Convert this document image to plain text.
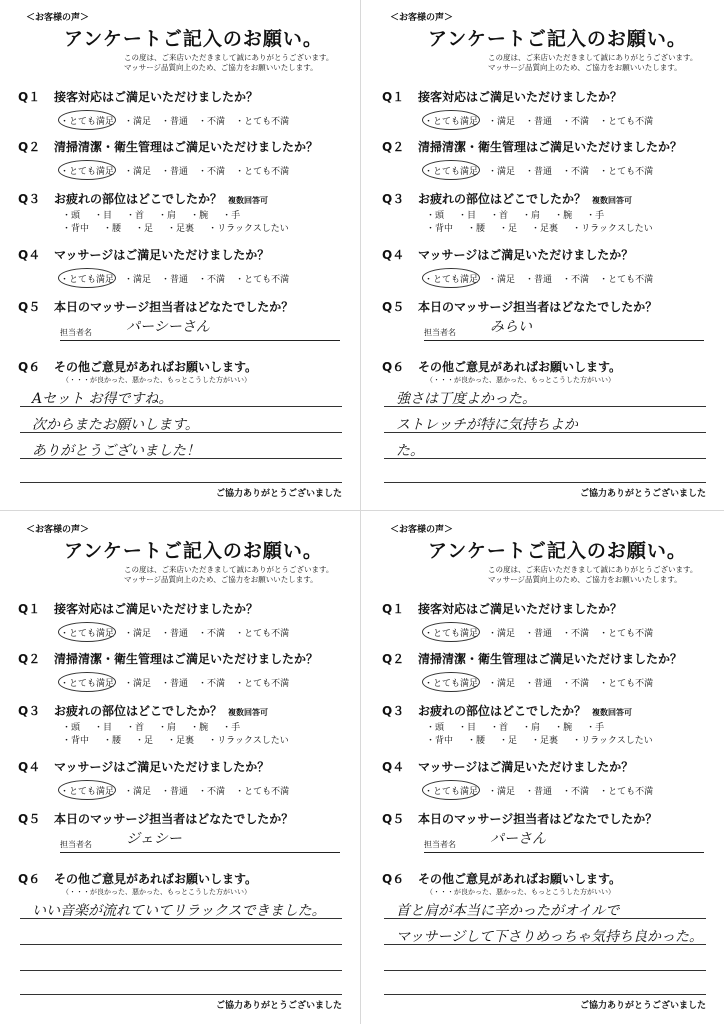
＜お客様の声＞
アンケートご記入のお願い。
この度は、ご来店いただきまして誠にありがとうございます。
マッサージ品質向上のため、ご協力をお願いいたします。
Q１ 接客対応はご満足いただけましたか？
・とても満足 ・満足 ・普通 ・不満 ・とても不満
Q２ 清掃清潔・衛生管理はご満足いただけましたか？
・とても満足 ・満足 ・普通 ・不満 ・とても不満
Q３ お疲れの部位はどこでしたか？ 複数回答可
・頭 ・目 ・首 ・肩 ・腕 ・手
・背中 ・腰 ・足 ・足裏 ・リラックスしたい
Q４ マッサージはご満足いただけましたか？
・とても満足 ・満足 ・普通 ・不満 ・とても不満
Q５ 本日のマッサージ担当者はどなたでしたか？
担当者名 パーシーさん
Q６ その他ご意見があればお願いします。
（・・・が良かった、悪かった、もっとこうした方がいい）
Aセット お得ですね。
次からまたお願いします。
ありがとうございました！
ご協力ありがとうございました
＜お客様の声＞
アンケートご記入のお願い。
この度は、ご来店いただきまして誠にありがとうございます。
マッサージ品質向上のため、ご協力をお願いいたします。
Q１ 接客対応はご満足いただけましたか？
・とても満足 ・満足 ・普通 ・不満 ・とても不満
Q２ 清掃清潔・衛生管理はご満足いただけましたか？
・とても満足 ・満足 ・普通 ・不満 ・とても不満
Q３ お疲れの部位はどこでしたか？ 複数回答可
・頭 ・目 ・首 ・肩 ・腕 ・手
・背中 ・腰 ・足 ・足裏 ・リラックスしたい
Q４ マッサージはご満足いただけましたか？
・とても満足 ・満足 ・普通 ・不満 ・とても不満
Q５ 本日のマッサージ担当者はどなたでしたか？
担当者名 みらい
Q６ その他ご意見があればお願いします。
（・・・が良かった、悪かった、もっとこうした方がいい）
強さは丁度よかった。
ストレッチが特に気持ちよか
た。
ご協力ありがとうございました
＜お客様の声＞
アンケートご記入のお願い。
この度は、ご来店いただきまして誠にありがとうございます。
マッサージ品質向上のため、ご協力をお願いいたします。
Q１ 接客対応はご満足いただけましたか？
・とても満足 ・満足 ・普通 ・不満 ・とても不満
Q２ 清掃清潔・衛生管理はご満足いただけましたか？
・とても満足 ・満足 ・普通 ・不満 ・とても不満
Q３ お疲れの部位はどこでしたか？ 複数回答可
・頭 ・目 ・首 ・肩 ・腕 ・手
・背中 ・腰 ・足 ・足裏 ・リラックスしたい
Q４ マッサージはご満足いただけましたか？
・とても満足 ・満足 ・普通 ・不満 ・とても不満
Q５ 本日のマッサージ担当者はどなたでしたか？
担当者名 ジェシー
Q６ その他ご意見があればお願いします。
（・・・が良かった、悪かった、もっとこうした方がいい）
いい音楽が流れていてリラックスできました。
ご協力ありがとうございました
＜お客様の声＞
アンケートご記入のお願い。
この度は、ご来店いただきまして誠にありがとうございます。
マッサージ品質向上のため、ご協力をお願いいたします。
Q１ 接客対応はご満足いただけましたか？
・とても満足 ・満足 ・普通 ・不満 ・とても不満
Q２ 清掃清潔・衛生管理はご満足いただけましたか？
・とても満足 ・満足 ・普通 ・不満 ・とても不満
Q３ お疲れの部位はどこでしたか？ 複数回答可
・頭 ・目 ・首 ・肩 ・腕 ・手
・背中 ・腰 ・足 ・足裏 ・リラックスしたい
Q４ マッサージはご満足いただけましたか？
・とても満足 ・満足 ・普通 ・不満 ・とても不満
Q５ 本日のマッサージ担当者はどなたでしたか？
担当者名 パーさん
Q６ その他ご意見があればお願いします。
（・・・が良かった、悪かった、もっとこうした方がいい）
首と肩が本当に辛かったがオイルで
マッサージして下さりめっちゃ気持ち良かった。
ご協力ありがとうございました
